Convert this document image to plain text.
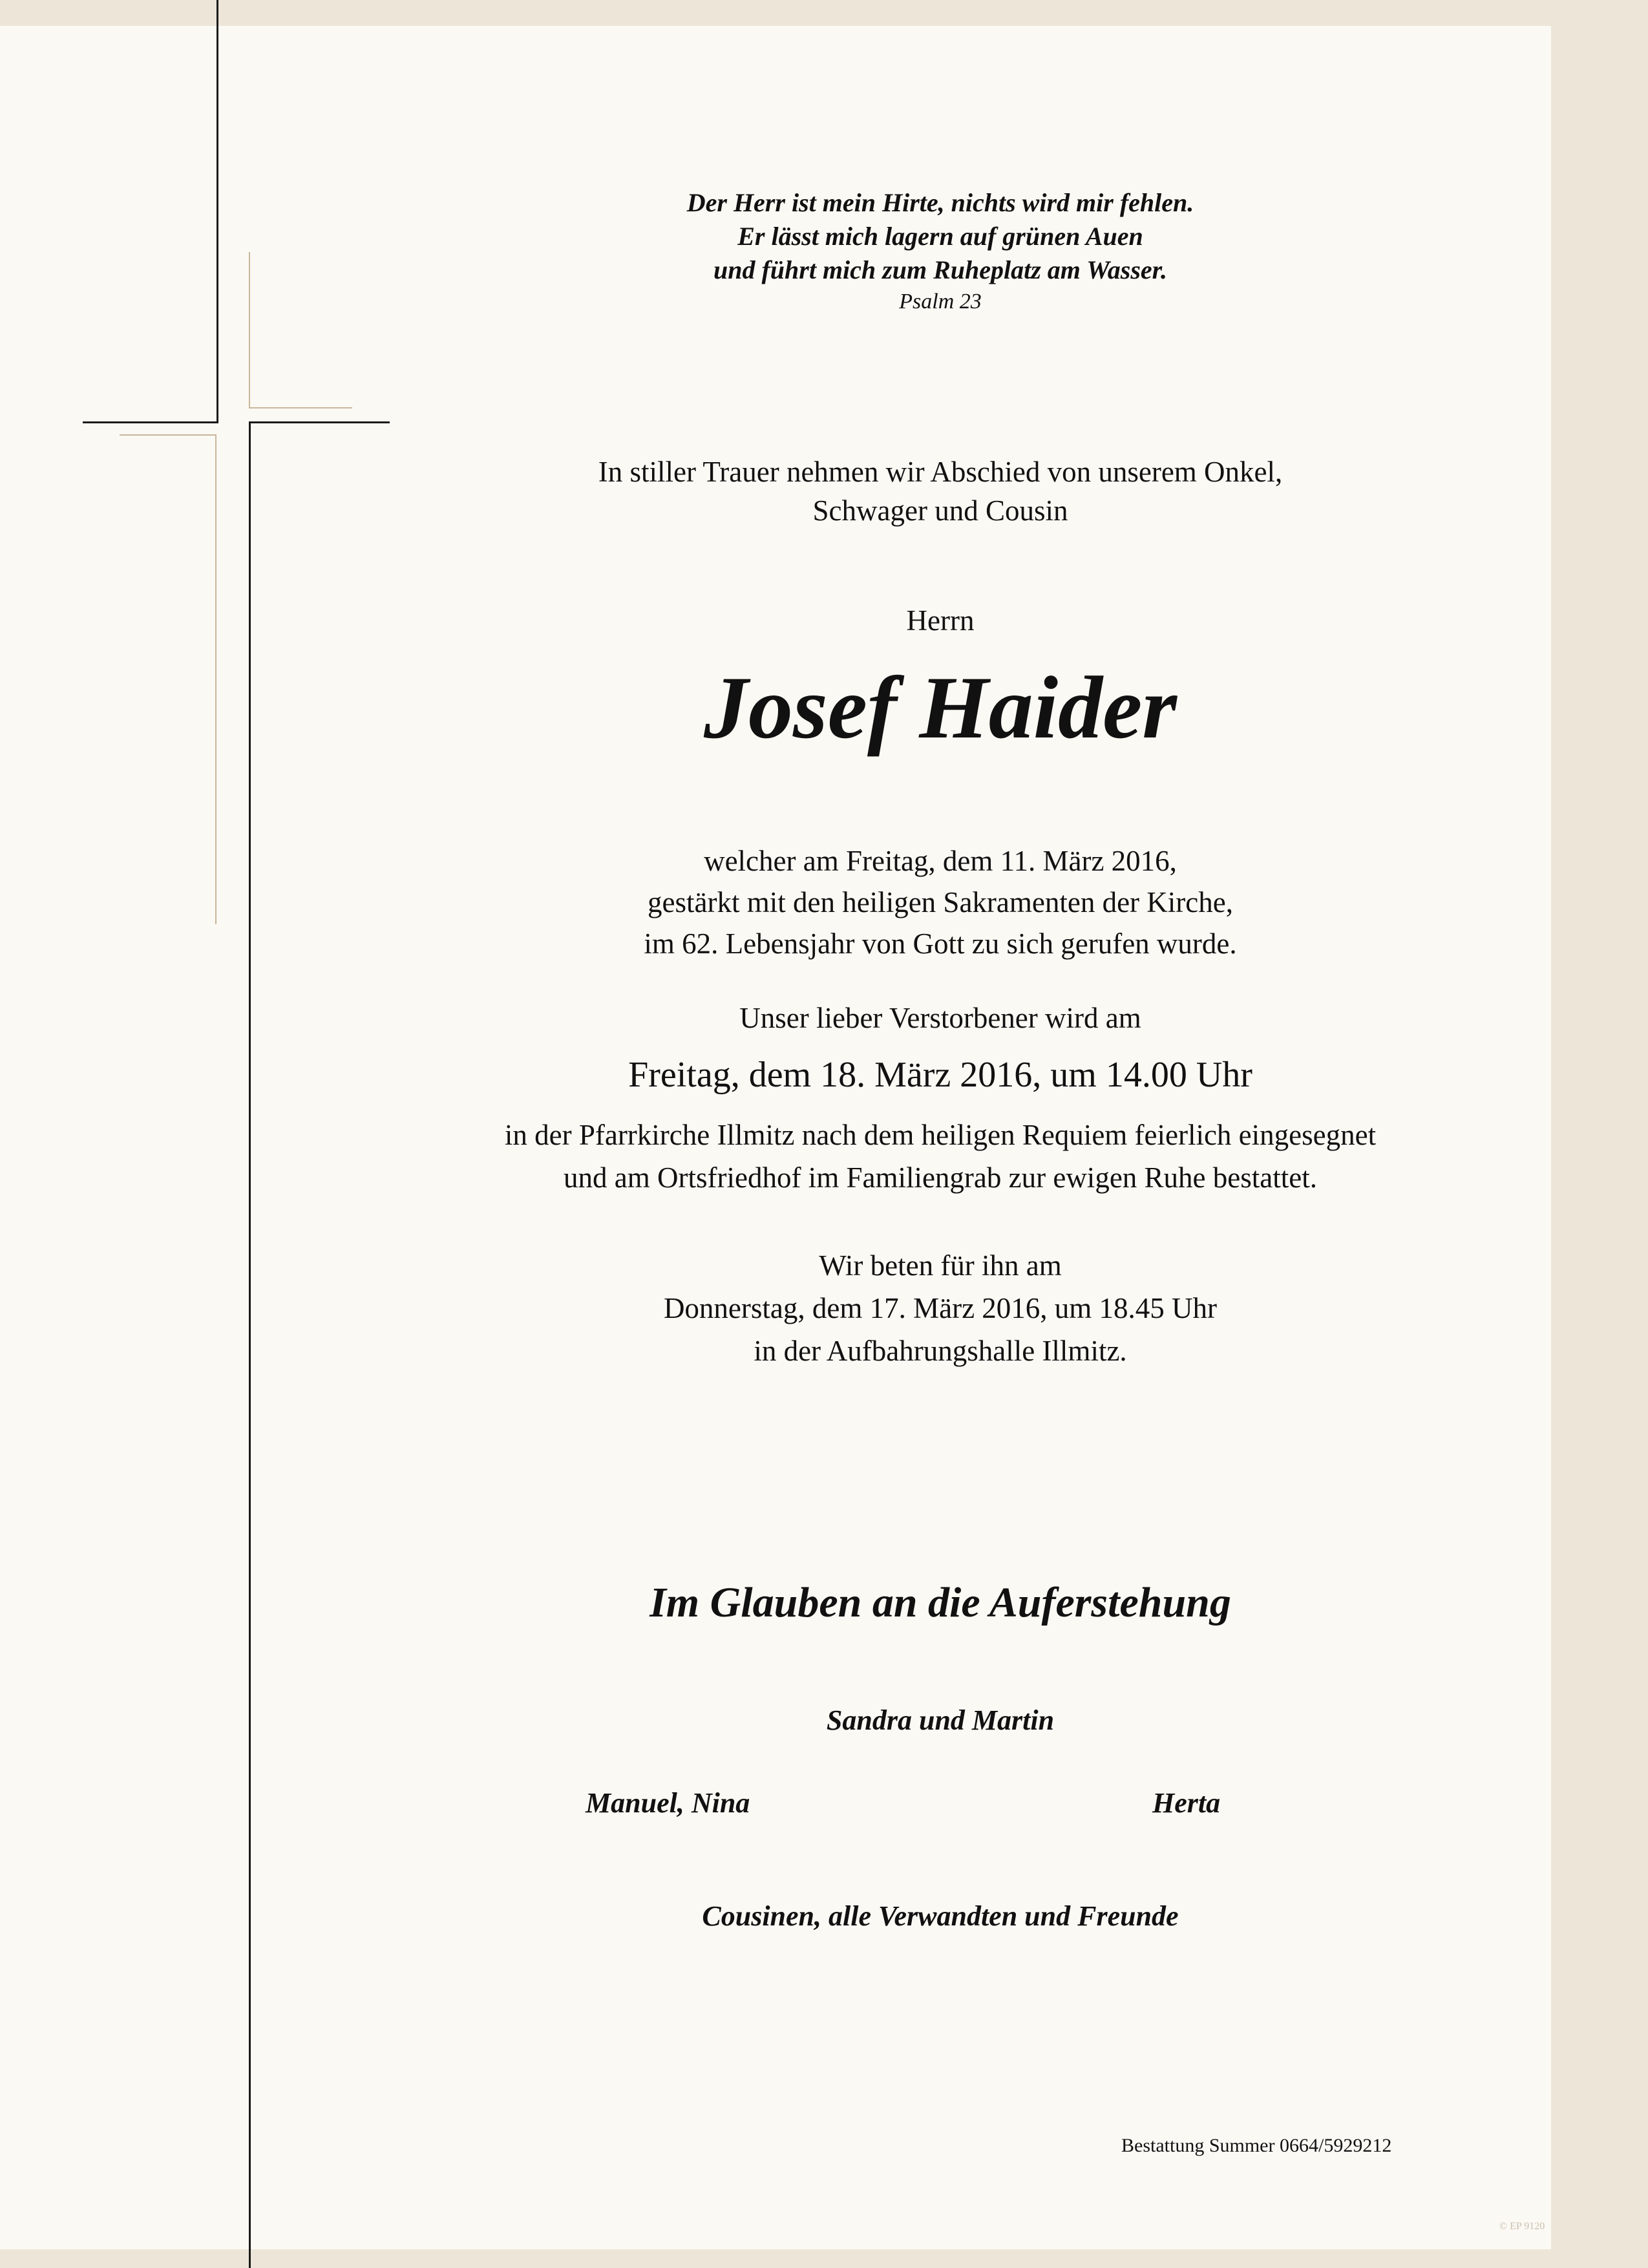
Der Herr ist mein Hirte, nichts wird mir fehlen.
Er lässt mich lagern auf grünen Auen
und führt mich zum Ruheplatz am Wasser.
Psalm 23
In stiller Trauer nehmen wir Abschied von unserem Onkel,
Schwager und Cousin
Herrn
Josef Haider
welcher am Freitag, dem 11. März 2016,
gestärkt mit den heiligen Sakramenten der Kirche,
im 62. Lebensjahr von Gott zu sich gerufen wurde.
Unser lieber Verstorbener wird am
Freitag, dem 18. März 2016, um 14.00 Uhr
in der Pfarrkirche Illmitz nach dem heiligen Requiem feierlich eingesegnet
und am Ortsfriedhof im Familiengrab zur ewigen Ruhe bestattet.
Wir beten für ihn am
Donnerstag, dem 17. März 2016, um 18.45 Uhr
in der Aufbahrungshalle Illmitz.
Im Glauben an die Auferstehung
Sandra und Martin
Manuel, Nina	Herta
Cousinen, alle Verwandten und Freunde
Bestattung Summer 0664/5929212
© EP 9120
